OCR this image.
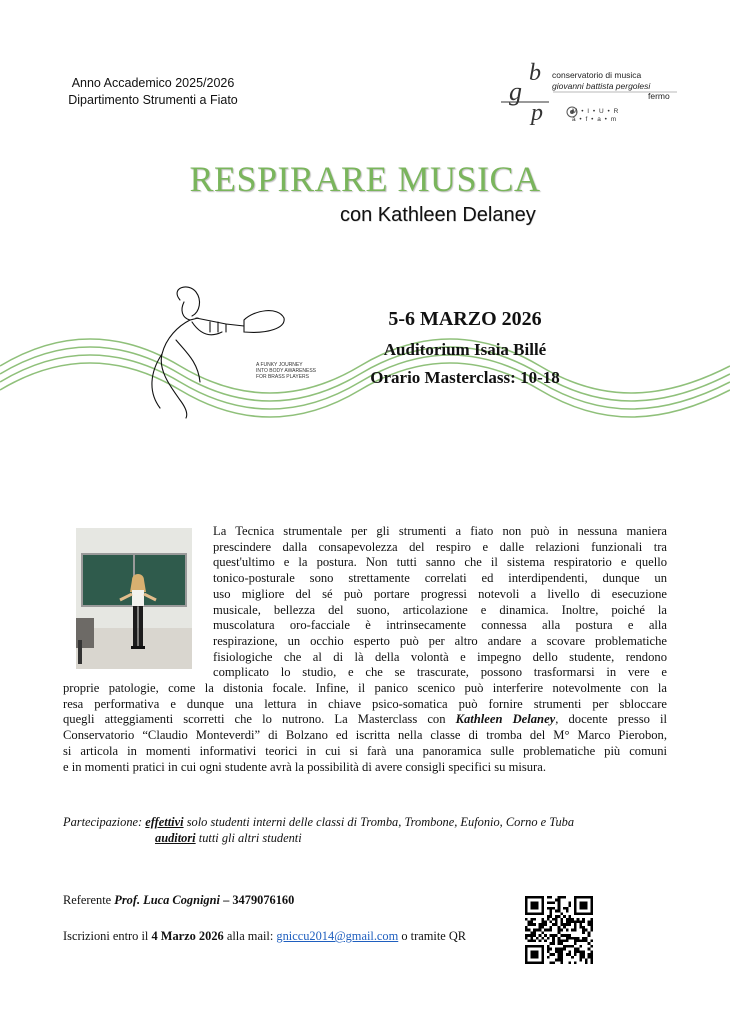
Anno Accademico 2025/2026
Dipartimento Strumenti a Fiato	g
b
p
conservatorio di musica
giovanni battista pergolesi
fermo
M • I • U • R
a • f • a • m
RESPIRARE MUSICA
con Kathleen Delaney
A FUNKY JOURNEY
INTO BODY AWARENESS
FOR BRASS PLAYERS
5-6 MARZO 2026
Auditorium Isaia Billé
Orario Masterclass: 10-18
La Tecnica strumentale per gli strumenti a fiato non può in nessuna maniera
prescindere dalla consapevolezza del respiro e dalle relazioni funzionali tra
quest'ultimo e la postura. Non tutti sanno che il sistema respiratorio e quello
tonico-posturale sono strettamente correlati ed interdipendenti, dunque un
uso migliore del sé può portare progressi notevoli a livello di esecuzione
musicale, bellezza del suono, articolazione e dinamica. Inoltre, poiché la
muscolatura oro-facciale è intrinsecamente connessa alla postura e alla
respirazione, un occhio esperto può per altro andare a scovare problematiche
fisiologiche che al di là della volontà e impegno dello studente, rendono
complicato lo studio, e che se trascurate, possono trasformarsi in vere e
proprie patologie, come la distonia focale. Infine, il panico scenico può interferire notevolmente con la
resa performativa e dunque una lettura in chiave psico-somatica può fornire strumenti per sbloccare
quegli atteggiamenti scorretti che lo nutrono. La Masterclass con Kathleen Delaney, docente presso il
Conservatorio “Claudio Monteverdi” di Bolzano ed iscritta nella classe di tromba del M° Marco Pierobon,
si articola in momenti informativi teorici in cui si farà una panoramica sulle problematiche più comuni
e in momenti pratici in cui ogni studente avrà la possibilità di avere consigli specifici su misura.
Partecipazione: effettivi solo studenti interni delle classi di Tromba, Trombone, Eufonio, Corno e Tuba
auditori tutti gli altri studenti
Referente Prof. Luca Cognigni – 3479076160
Iscrizioni entro il 4 Marzo 2026 alla mail: gniccu2014@gmail.com o tramite QR
